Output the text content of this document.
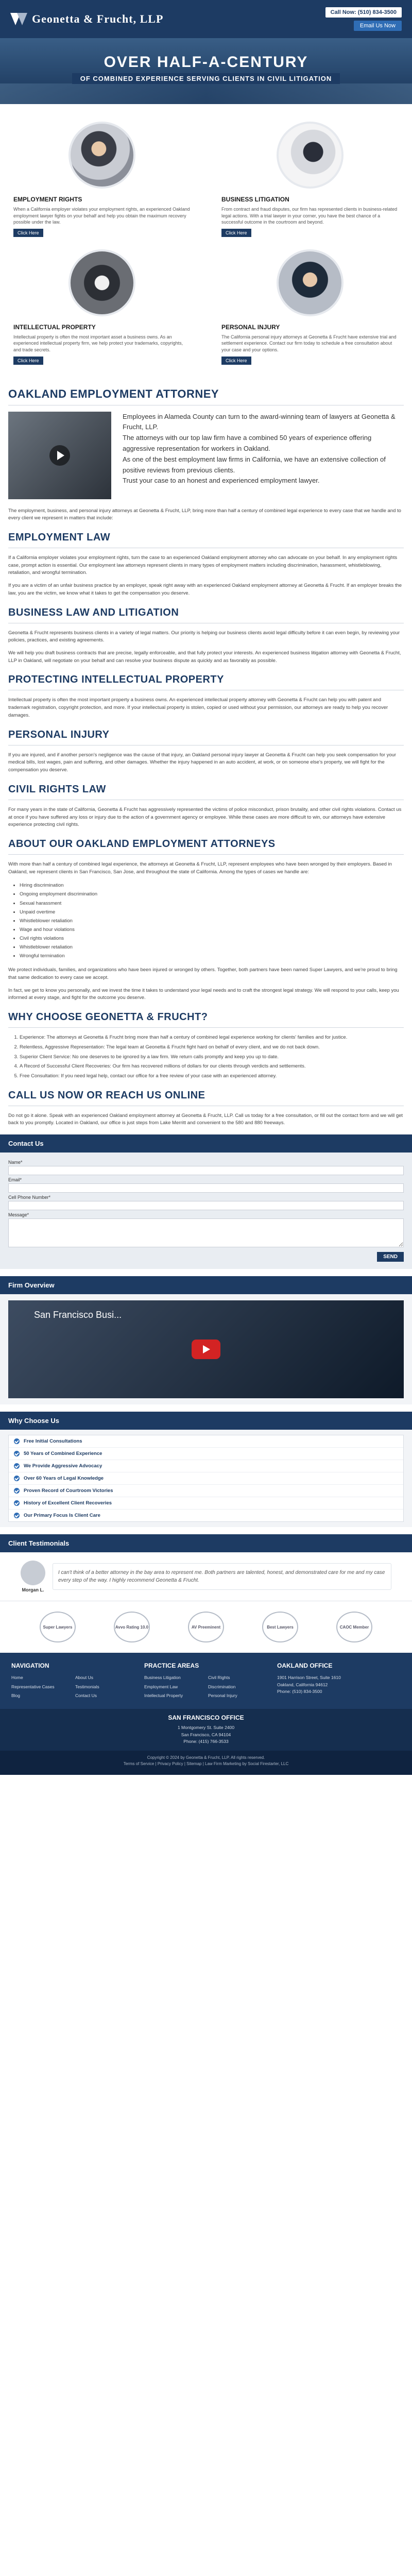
Geonetta & Frucht, LLP	Call Now: (510) 834-3500
Email Us Now
OVER HALF-A-CENTURY
OF COMBINED EXPERIENCE SERVING CLIENTS IN CIVIL LITIGATION
EMPLOYMENT RIGHTS

When a California employer violates your employment rights, an experienced Oakland employment lawyer fights on your behalf and help you obtain the maximum recovery possible under the law.

Click Here
BUSINESS LITIGATION

From contract and fraud disputes, our firm has represented clients in business-related legal actions. With a trial lawyer in your corner, you have the best chance of a successful outcome in the courtroom and beyond.

Click Here
INTELLECTUAL PROPERTY

Intellectual property is often the most important asset a business owns. As an experienced intellectual property firm, we help protect your trademarks, copyrights, and trade secrets.

Click Here
PERSONAL INJURY

The California personal injury attorneys at Geonetta & Frucht have extensive trial and settlement experience. Contact our firm today to schedule a free consultation about your case and your options.

Click Here
OAKLAND EMPLOYMENT ATTORNEY

Employees in Alameda County can turn to the award-winning team of lawyers at Geonetta & Frucht, LLP.

The attorneys with our top law firm have a combined 50 years of experience offering aggressive representation for workers in Oakland.

As one of the best employment law firms in California, we have an extensive collection of positive reviews from previous clients.

Trust your case to an honest and experienced employment lawyer.

The employment, business, and personal injury attorneys at Geonetta & Frucht, LLP, bring more than half a century of combined legal experience to every case that we handle and to every client we represent in matters that include:

EMPLOYMENT LAW

If a California employer violates your employment rights, turn the case to an experienced Oakland employment attorney who can advocate on your behalf. In any employment rights case, prompt action is essential. Our employment law attorneys represent clients in many types of employment matters including discrimination, harassment, whistleblowing, retaliation, and wrongful termination.

If you are a victim of an unfair business practice by an employer, speak right away with an experienced Oakland employment attorney at Geonetta & Frucht. If an employer breaks the law, you are the victim, we know what it takes to get the compensation you deserve.

BUSINESS LAW AND LITIGATION

Geonetta & Frucht represents business clients in a variety of legal matters. Our priority is helping our business clients avoid legal difficulty before it can even begin, by reviewing your policies, practices, and existing agreements.

We will help you draft business contracts that are precise, legally enforceable, and that fully protect your interests. An experienced business litigation attorney with Geonetta & Frucht, LLP in Oakland, will negotiate on your behalf and can resolve your business dispute as quickly and as favorably as possible.

PROTECTING INTELLECTUAL PROPERTY

Intellectual property is often the most important property a business owns. An experienced intellectual property attorney with Geonetta & Frucht can help you with patent and trademark registration, copyright protection, and more. If your intellectual property is stolen, copied or used without your permission, our attorneys are ready to help you recover damages.

PERSONAL INJURY

If you are injured, and if another person's negligence was the cause of that injury, an Oakland personal injury lawyer at Geonetta & Frucht can help you seek compensation for your medical bills, lost wages, pain and suffering, and other damages. Whether the injury happened in an auto accident, at work, or on someone else's property, we will fight for the compensation you deserve.

CIVIL RIGHTS LAW

For many years in the state of California, Geonetta & Frucht has aggressively represented the victims of police misconduct, prison brutality, and other civil rights violations. Contact us at once if you have suffered any loss or injury due to the action of a government agency or employee. While these cases are more difficult to win, our attorneys have extensive experience protecting civil rights.

ABOUT OUR OAKLAND EMPLOYMENT ATTORNEYS

With more than half a century of combined legal experience, the attorneys at Geonetta & Frucht, LLP, represent employees who have been wronged by their employers. Based in Oakland, we represent clients in San Francisco, San Jose, and throughout the state of California. Among the types of cases we handle are:

• Hiring discrimination
• Ongoing employment discrimination
• Sexual harassment
• Unpaid overtime
• Whistleblower retaliation
• Wage and hour violations
• Civil rights violations
• Whistleblower retaliation
• Wrongful termination

We protect individuals, families, and organizations who have been injured or wronged by others. Together, both partners have been named Super Lawyers, and we're proud to bring that same dedication to every case we accept.

In fact, we get to know you personally, and we invest the time it takes to understand your legal needs and to craft the strongest legal strategy. We will respond to your calls, keep you informed at every stage, and fight for the outcome you deserve.

WHY CHOOSE GEONETTA & FRUCHT?
1. Experience: The attorneys at Geonetta & Frucht bring more than half a century of combined legal experience working for clients' families and for justice.
2. Relentless, Aggressive Representation: The legal team at Geonetta & Frucht fight hard on behalf of every client, and we do not back down.
3. Superior Client Service: No one deserves to be ignored by a law firm. We return calls promptly and keep you up to date.
4. A Record of Successful Client Recoveries: Our firm has recovered millions of dollars for our clients through verdicts and settlements.
5. Free Consultation: If you need legal help, contact our office for a free review of your case with an experienced attorney.
CALL US NOW OR REACH US ONLINE

Do not go it alone. Speak with an experienced Oakland employment attorney at Geonetta & Frucht, LLP. Call us today for a free consultation, or fill out the contact form and we will get back to you promptly. Located in Oakland, our office is just steps from Lake Merritt and convenient to the 580 and 880 freeways.

Contact Us
Name*
Email*
Cell Phone Number*
Message*
SEND
Firm Overview
San Francisco Busi...
Why Choose Us
Free Initial Consultations
50 Years of Combined Experience
We Provide Aggressive Advocacy
Over 60 Years of Legal Knowledge
Proven Record of Courtroom Victories
History of Excellent Client Recoveries
Our Primary Focus Is Client Care
Client Testimonials
Morgan L.
I can't think of a better attorney in the bay area to represent me. Both partners are talented, honest, and demonstrated care for me and my case every step of the way. I highly recommend Geonetta & Frucht.
Super Lawyers	Avvo Rating 10.0	AV Preeminent	Best Lawyers	CAOC Member
NAVIGATION
Home	About Us
Representative Cases	Testimonials
Blog	Contact Us
PRACTICE AREAS
Business Litigation	Civil Rights
Employment Law	Discrimination
Intellectual Property	Personal Injury
OAKLAND OFFICE
1901 Harrison Street, Suite 1610
Oakland, California 94612
Phone: (510) 834-3500
SAN FRANCISCO OFFICE
1 Montgomery St. Suite 2400
San Francisco, CA 94104
Phone: (415) 766-3533
Copyright © 2024 by Geonetta & Frucht, LLP. All rights reserved.
Terms of Service | Privacy Policy | Sitemap | Law Firm Marketing by Social Firestarter, LLC
